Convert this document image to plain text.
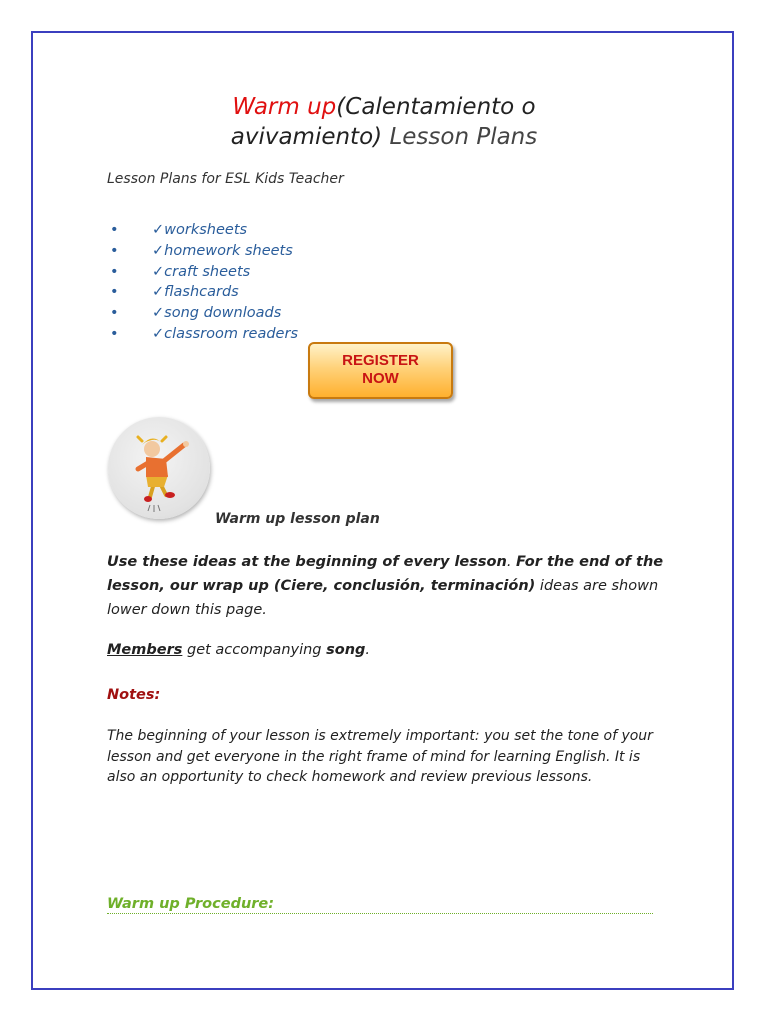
Warm up(Calentamiento o
avivamiento) Lesson Plans
Lesson Plans for ESL Kids Teacher
• ✓worksheets
• ✓homework sheets
• ✓craft sheets
• ✓flashcards
• ✓song downloads
• ✓classroom readers
REGISTER
NOW
Warm up lesson plan
Use these ideas at the beginning of every lesson. For the end of the lesson, our wrap up (Ciere, conclusión, terminación) ideas are shown lower down this page.
Members get accompanying song.
Notes:
The beginning of your lesson is extremely important: you set the tone of your lesson and get everyone in the right frame of mind for learning English. It is also an opportunity to check homework and review previous lessons.
Warm up Procedure:
